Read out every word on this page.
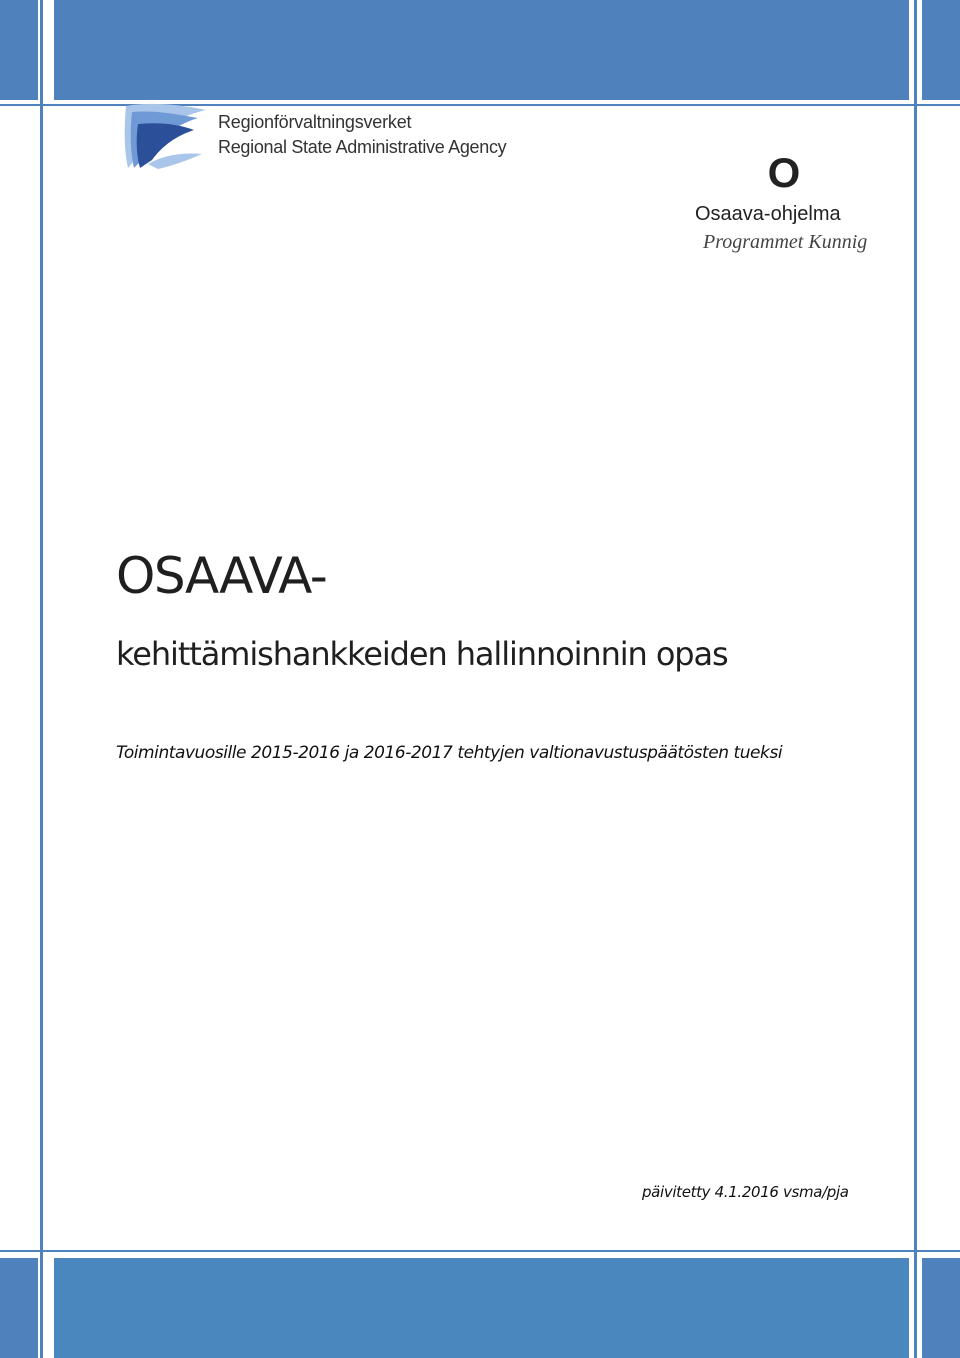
Regionförvaltningsverket
Regional State Administrative Agency
O
Osaava-ohjelma
Programmet Kunnig
OSAAVA-
kehittämishankkeiden hallinnoinnin opas
Toimintavuosille 2015-2016 ja 2016-2017 tehtyjen valtionavustuspäätösten tueksi
päivitetty 4.1.2016 vsma/pja
